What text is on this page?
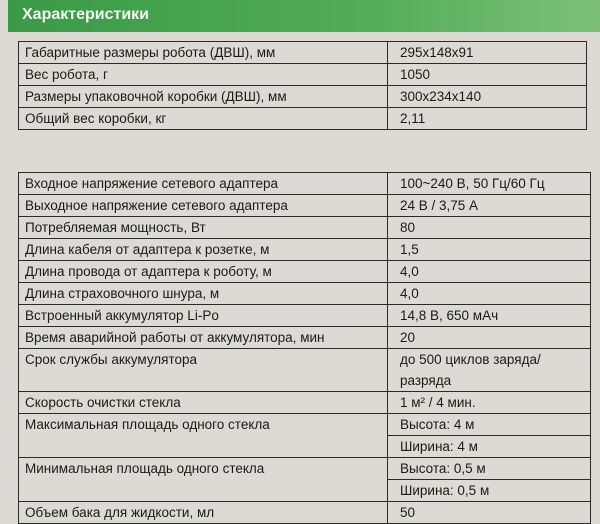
Характеристики
Габаритные размеры робота (ДВШ), мм	295x148x91
Вес робота, г	1050
Размеры упаковочной коробки (ДВШ), мм	300x234x140
Общий вес коробки, кг	2,11
Входное напряжение сетевого адаптера	100~240 В, 50 Гц/60 Гц
Выходное напряжение сетевого адаптера	24 В / 3,75 А
Потребляемая мощность, Вт	80
Длина кабеля от адаптера к розетке, м	1,5
Длина провода от адаптера к роботу, м	4,0
Длина страховочного шнура, м	4,0
Встроенный аккумулятор Li-Po	14,8 В, 650 мАч
Время аварийной работы от аккумулятора, мин	20
Срок службы аккумулятора	до 500 циклов заряда/ разряда
Скорость очистки стекла	1 м² / 4 мин.
Максимальная площадь одного стекла	Высота: 4 м
	Ширина: 4 м
Минимальная площадь одного стекла	Высота: 0,5 м
	Ширина: 0,5 м
Объем бака для жидкости, мл	50
